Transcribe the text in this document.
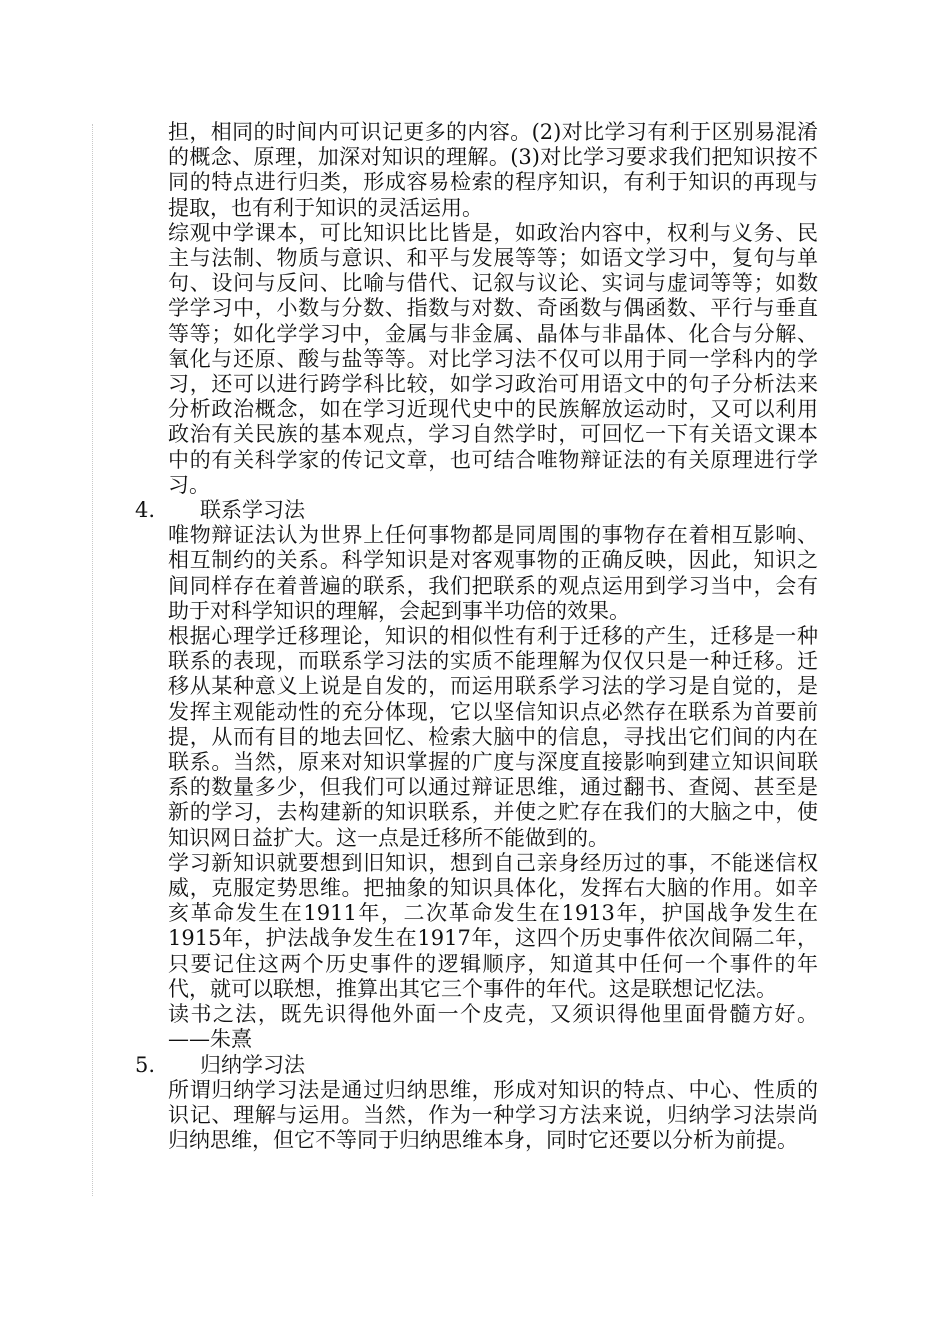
担，相同的时间内可识记更多的内容。(2)对比学习有利于区别易混淆的概念、原理，加深对知识的理解。(3)对比学习要求我们把知识按不同的特点进行归类，形成容易检索的程序知识，有利于知识的再现与提取，也有利于知识的灵活运用。

综观中学课本，可比知识比比皆是，如政治内容中，权利与义务、民主与法制、物质与意识、和平与发展等等；如语文学习中，复句与单句、设问与反问、比喻与借代、记叙与议论、实词与虚词等等；如数学学习中，小数与分数、指数与对数、奇函数与偶函数、平行与垂直等等；如化学学习中，金属与非金属、晶体与非晶体、化合与分解、氧化与还原、酸与盐等等。对比学习法不仅可以用于同一学科内的学习，还可以进行跨学科比较，如学习政治可用语文中的句子分析法来分析政治概念，如在学习近现代史中的民族解放运动时，又可以利用政治有关民族的基本观点，学习自然学时，可回忆一下有关语文课本中的有关科学家的传记文章，也可结合唯物辩证法的有关原理进行学习。

4. 联系学习法

唯物辩证法认为世界上任何事物都是同周围的事物存在着相互影响、相互制约的关系。科学知识是对客观事物的正确反映，因此，知识之间同样存在着普遍的联系，我们把联系的观点运用到学习当中，会有助于对科学知识的理解，会起到事半功倍的效果。

根据心理学迁移理论，知识的相似性有利于迁移的产生，迁移是一种联系的表现，而联系学习法的实质不能理解为仅仅只是一种迁移。迁移从某种意义上说是自发的，而运用联系学习法的学习是自觉的，是发挥主观能动性的充分体现，它以坚信知识点必然存在联系为首要前提，从而有目的地去回忆、检索大脑中的信息，寻找出它们间的内在联系。当然，原来对知识掌握的广度与深度直接影响到建立知识间联系的数量多少，但我们可以通过辩证思维，通过翻书、查阅、甚至是新的学习，去构建新的知识联系，并使之贮存在我们的大脑之中，使知识网日益扩大。这一点是迁移所不能做到的。

学习新知识就要想到旧知识，想到自己亲身经历过的事，不能迷信权威，克服定势思维。把抽象的知识具体化，发挥右大脑的作用。如辛亥革命发生在1911年，二次革命发生在1913年，护国战争发生在1915年，护法战争发生在1917年，这四个历史事件依次间隔二年，只要记住这两个历史事件的逻辑顺序，知道其中任何一个事件的年代，就可以联想，推算出其它三个事件的年代。这是联想记忆法。

读书之法，既先识得他外面一个皮壳，又须识得他里面骨髓方好。——朱熹

5. 归纳学习法

所谓归纳学习法是通过归纳思维，形成对知识的特点、中心、性质的识记、理解与运用。当然，作为一种学习方法来说，归纳学习法崇尚归纳思维，但它不等同于归纳思维本身，同时它还要以分析为前提。
